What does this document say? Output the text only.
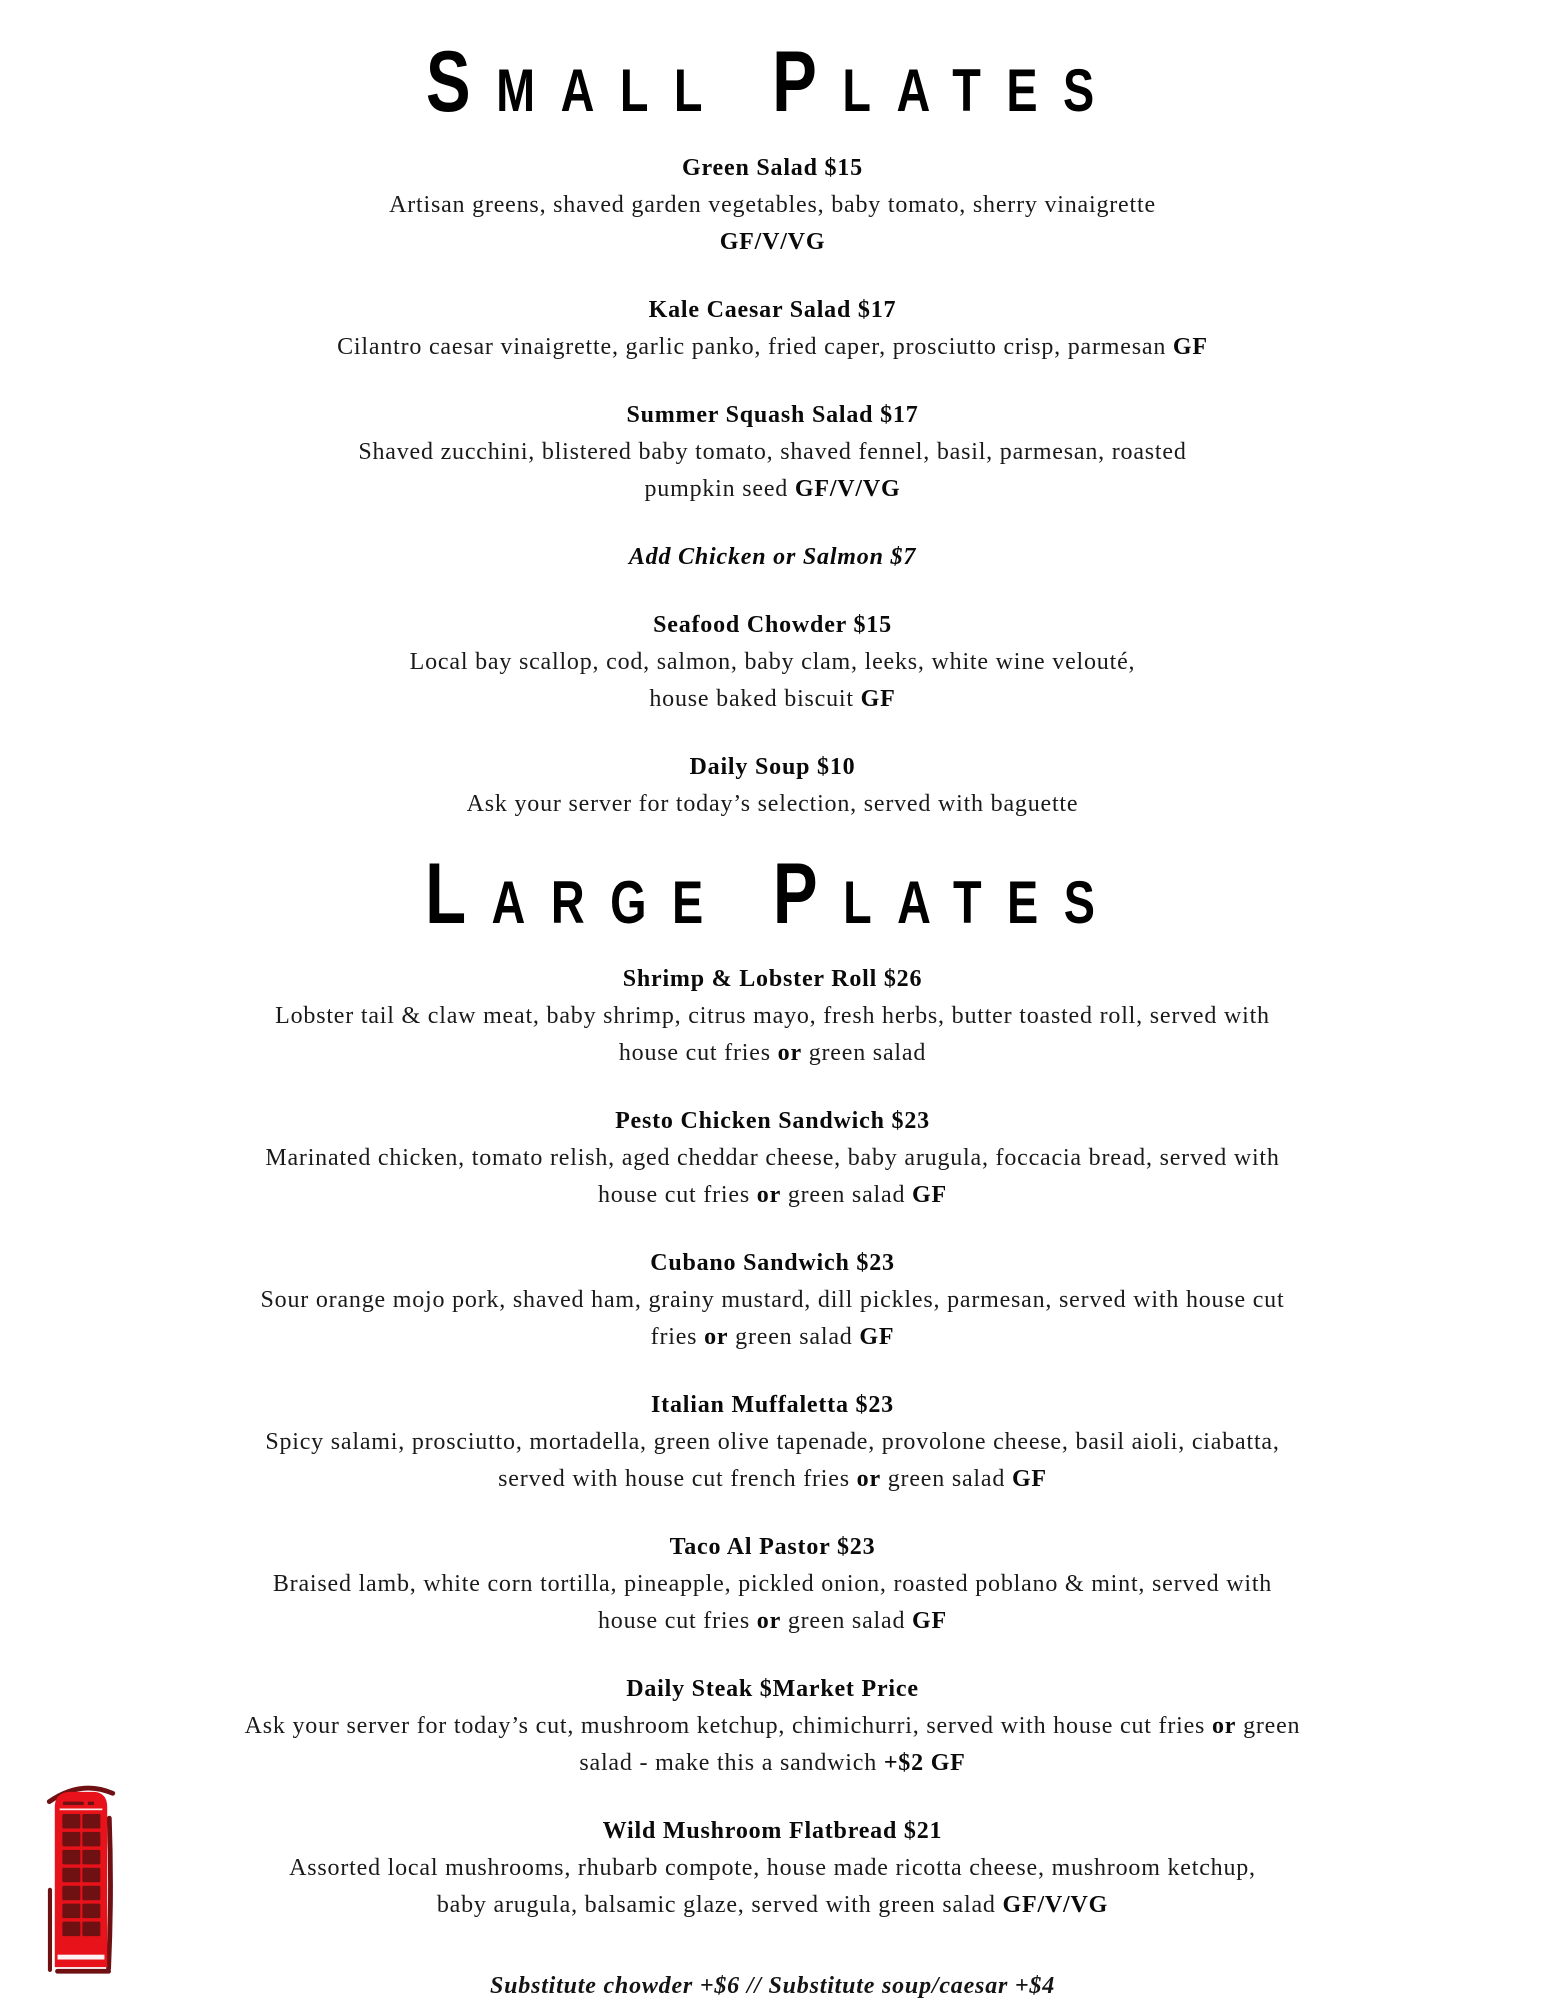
Small Plates
Green Salad $15
Artisan greens, shaved garden vegetables, baby tomato, sherry vinaigrette
GF/V/VG
Kale Caesar Salad $17
Cilantro caesar vinaigrette, garlic panko, fried caper, prosciutto crisp, parmesan GF
Summer Squash Salad $17
Shaved zucchini, blistered baby tomato, shaved fennel, basil, parmesan, roasted
pumpkin seed GF/V/VG
Add Chicken or Salmon $7
Seafood Chowder $15
Local bay scallop, cod, salmon, baby clam, leeks, white wine velouté,
house baked biscuit GF
Daily Soup $10
Ask your server for today’s selection, served with baguette
Large Plates
Shrimp & Lobster Roll $26
Lobster tail & claw meat, baby shrimp, citrus mayo, fresh herbs, butter toasted roll, served with
house cut fries or green salad
Pesto Chicken Sandwich $23
Marinated chicken, tomato relish, aged cheddar cheese, baby arugula, foccacia bread, served with
house cut fries or green salad GF
Cubano Sandwich $23
Sour orange mojo pork, shaved ham, grainy mustard, dill pickles, parmesan, served with house cut
fries or green salad GF
Italian Muffaletta $23
Spicy salami, prosciutto, mortadella, green olive tapenade, provolone cheese, basil aioli, ciabatta,
served with house cut french fries or green salad GF
Taco Al Pastor $23
Braised lamb, white corn tortilla, pineapple, pickled onion, roasted poblano & mint, served with
house cut fries or green salad GF
Daily Steak $Market Price
Ask your server for today’s cut, mushroom ketchup, chimichurri, served with house cut fries or green
salad - make this a sandwich +$2 GF
Wild Mushroom Flatbread $21
Assorted local mushrooms, rhubarb compote, house made ricotta cheese, mushroom ketchup,
baby arugula, balsamic glaze, served with green salad GF/V/VG
Substitute chowder +$6 // Substitute soup/caesar +$4
